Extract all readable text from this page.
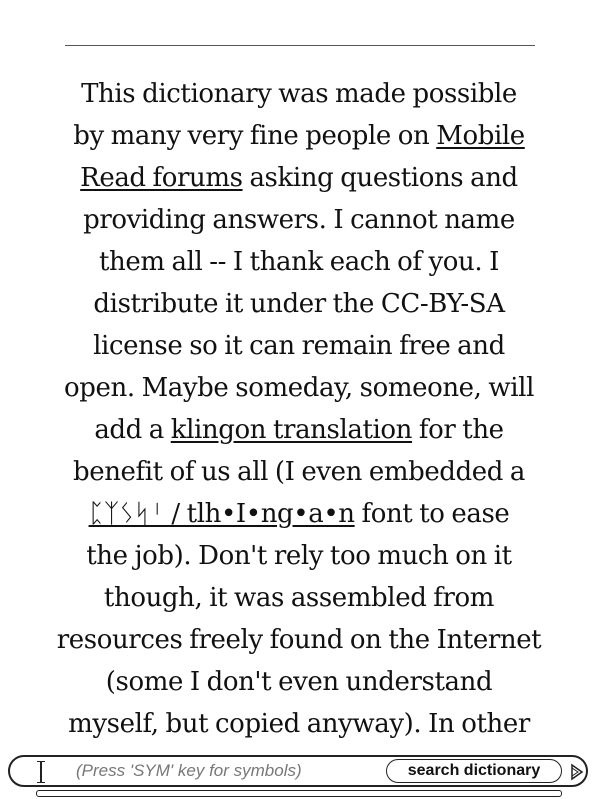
This dictionary was made possible
by many very fine people on Mobile
Read forums asking questions and
providing answers. I cannot name
them all -- I thank each of you. I
distribute it under the CC-BY-SA
license so it can remain free and
open. Maybe someday, someone, will
add a klingon translation for the
benefit of us all (I even embedded a
ᛈᛉᛊᛋᛌ / tlh•I•ng•a•n font to ease
the job). Don't rely too much on it
though, it was assembled from
resources freely found on the Internet
(some I don't even understand
myself, but copied anyway). In other
(Press 'SYM' key for symbols)	search dictionary
